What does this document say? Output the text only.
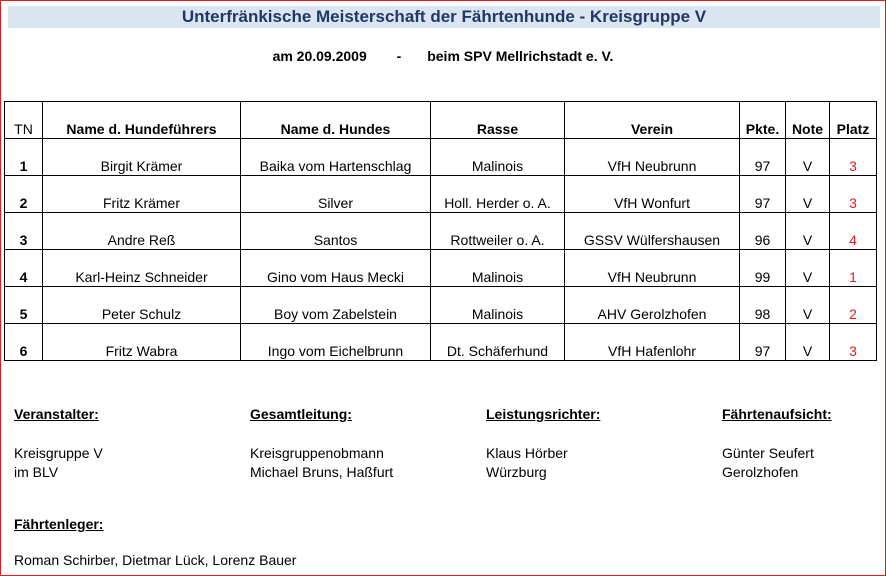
Unterfränkische Meisterschaft der Fährtenhunde - Kreisgruppe V
am 20.09.2009 - beim SPV Mellrichstadt e. V.
TN	Name d. Hundeführers	Name d. Hundes	Rasse	Verein	Pkte.	Note	Platz
1	Birgit Krämer	Baika vom Hartenschlag	Malinois	VfH Neubrunn	97	V	3
2	Fritz Krämer	Silver	Holl. Herder o. A.	VfH Wonfurt	97	V	3
3	Andre Reß	Santos	Rottweiler o. A.	GSSV Wülfershausen	96	V	4
4	Karl-Heinz Schneider	Gino vom Haus Mecki	Malinois	VfH Neubrunn	99	V	1
5	Peter Schulz	Boy vom Zabelstein	Malinois	AHV Gerolzhofen	98	V	2
6	Fritz Wabra	Ingo vom Eichelbrunn	Dt. Schäferhund	VfH Hafenlohr	97	V	3
Veranstalter:
Kreisgruppe V
im BLV
Gesamtleitung:
Kreisgruppenobmann
Michael Bruns, Haßfurt
Leistungsrichter:
Klaus Hörber
Würzburg
Fährtenaufsicht:
Günter Seufert
Gerolzhofen
Fährtenleger:
Roman Schirber, Dietmar Lück, Lorenz Bauer
